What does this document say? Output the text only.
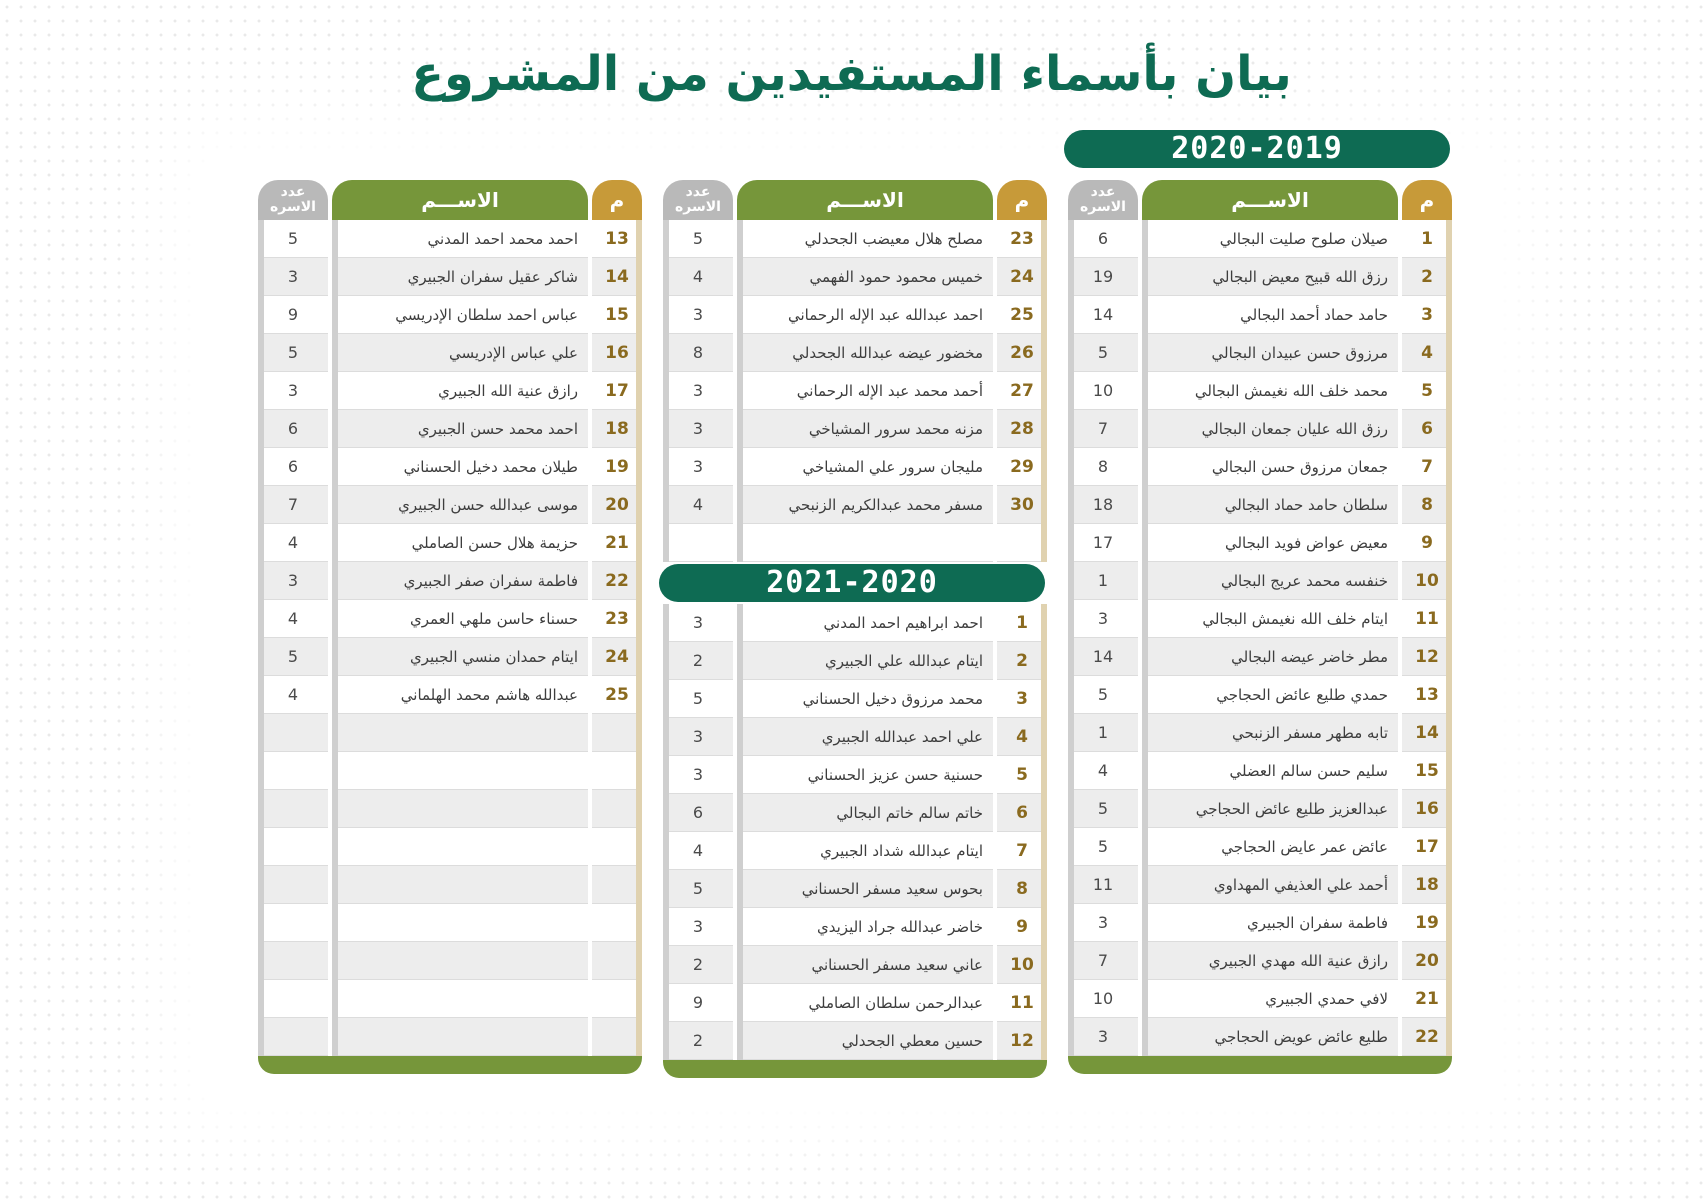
بيان بأسماء المستفيدين من المشروع
2020-2019
م
الاســـم
عدد الاسره
1
صيلان صلوح صليت البجالي
6
2
رزق الله قبيح معيض البجالي
19
3
حامد حماد أحمد البجالي
14
4
مرزوق حسن عبيدان البجالي
5
5
محمد خلف الله نغيمش البجالي
10
6
رزق الله عليان جمعان البجالي
7
7
جمعان مرزوق حسن البجالي
8
8
سلطان حامد حماد البجالي
18
9
معيض عواض فويد البجالي
17
10
خنفسه محمد عريج البجالي
1
11
ايتام خلف الله نغيمش البجالي
3
12
مطر خاضر عيضه البجالي
14
13
حمدي طليع عائض الحجاجي
5
14
تابه مطهر مسفر الزنبحي
1
15
سليم حسن سالم العضلي
4
16
عبدالعزيز طليع عائض الحجاجي
5
17
عائض عمر عايض الحجاجي
5
18
أحمد علي العذيفي المهداوي
11
19
فاطمة سفران الجبيري
3
20
رازق عنية الله مهدي الجبيري
7
21
لافي حمدي الجبيري
10
22
طليع عائض عويض الحجاجي
3
م
الاســـم
عدد الاسره
23
مصلح هلال معيضب الجحدلي
5
24
خميس محمود حمود الفهمي
4
25
احمد عبدالله عبد الإله الرحماني
3
26
مخضور عيضه عبدالله الجحدلي
8
27
أحمد محمد عبد الإله الرحماني
3
28
مزنه محمد سرور المشياخي
3
29
مليجان سرور علي المشياخي
3
30
مسفر محمد عبدالكريم الزنبحي
4
2021-2020
1
احمد ابراهيم احمد المدني
3
2
ايتام عبدالله علي الجبيري
2
3
محمد مرزوق دخيل الحسناني
5
4
علي احمد عبدالله الجبيري
3
5
حسنية حسن عزيز الحسناني
3
6
خاتم سالم خاتم البجالي
6
7
ايتام عبدالله شداد الجبيري
4
8
بحوس سعيد مسفر الحسناني
5
9
خاضر عبدالله جراد اليزيدي
3
10
عاني سعيد مسفر الحسناني
2
11
عبدالرحمن سلطان الصاملي
9
12
حسين معطي الجحدلي
2
م
الاســـم
عدد الاسره
13
احمد محمد احمد المدني
5
14
شاكر عقيل سفران الجبيري
3
15
عباس احمد سلطان الإدريسي
9
16
علي عباس الإدريسي
5
17
رازق عنية الله الجبيري
3
18
احمد محمد حسن الجبيري
6
19
طيلان محمد دخيل الحسناني
6
20
موسى عبدالله حسن الجبيري
7
21
حزيمة هلال حسن الصاملي
4
22
فاطمة سفران صفر الجبيري
3
23
حسناء حاسن ملهي العمري
4
24
ايتام حمدان منسي الجبيري
5
25
عبدالله هاشم محمد الهلماني
4
